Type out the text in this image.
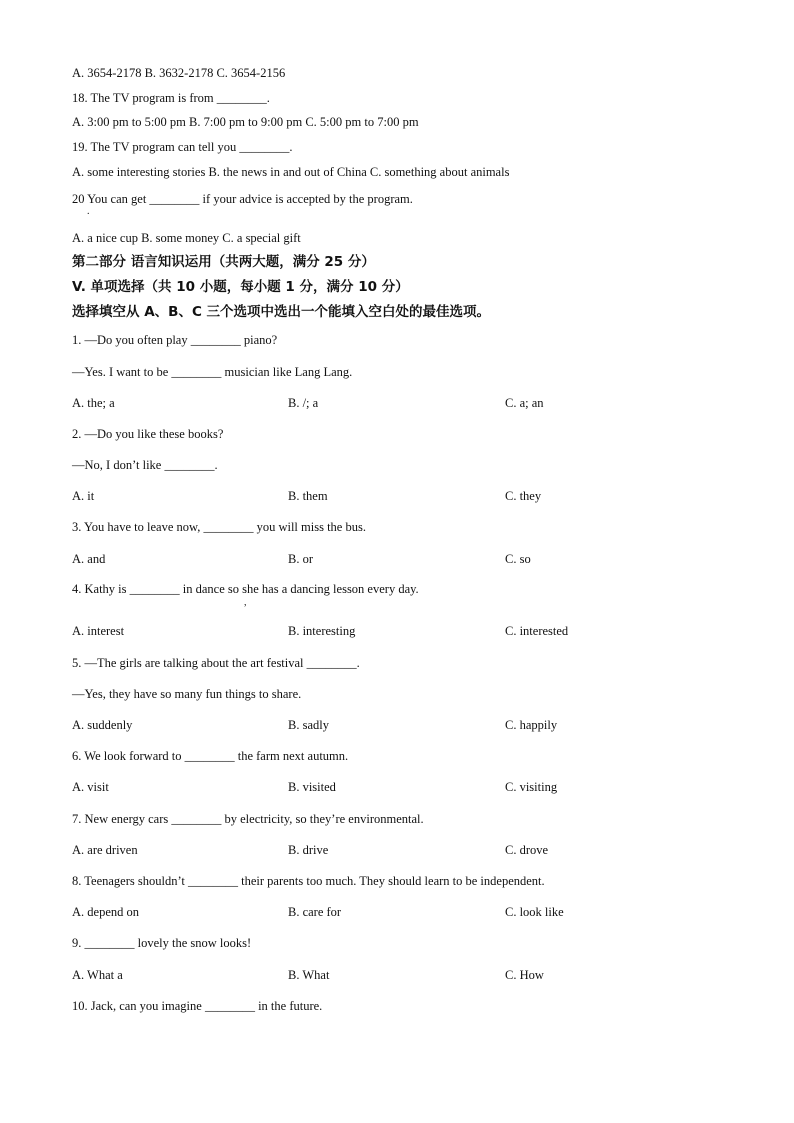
A. 3654-2178 B. 3632-2178 C. 3654-2156
18. The TV program is from ________.
A. 3:00 pm to 5:00 pm B. 7:00 pm to 9:00 pm C. 5:00 pm to 7:00 pm
19. The TV program can tell you ________.
A. some interesting stories B. the news in and out of China C. something about animals
20 You can get ________ if your advice is accepted by the program.
.
A. a nice cup B. some money C. a special gift
第二部分 语言知识运用（共两大题，满分 25 分）
V. 单项选择（共 10 小题，每小题 1 分，满分 10 分）
选择填空从 A、B、C 三个选项中选出一个能填入空白处的最佳选项。
1. —Do you often play ________ piano?
—Yes. I want to be ________ musician like Lang Lang.
A. the; a	B. /; a	C. a; an
2. —Do you like these books?
—No, I don’t like ________.
A. it	B. them	C. they
3. You have to leave now, ________ you will miss the bus.
A. and	B. or	C. so
4. Kathy is ________ in dance so she has a dancing lesson every day.
,
A. interest	B. interesting	C. interested
5. —The girls are talking about the art festival ________.
—Yes, they have so many fun things to share.
A. suddenly	B. sadly	C. happily
6. We look forward to ________ the farm next autumn.
A. visit	B. visited	C. visiting
7. New energy cars ________ by electricity, so they’re environmental.
A. are driven	B. drive	C. drove
8. Teenagers shouldn’t ________ their parents too much. They should learn to be independent.
A. depend on	B. care for	C. look like
9. ________ lovely the snow looks!
A. What a	B. What	C. How
10. Jack, can you imagine ________ in the future.
